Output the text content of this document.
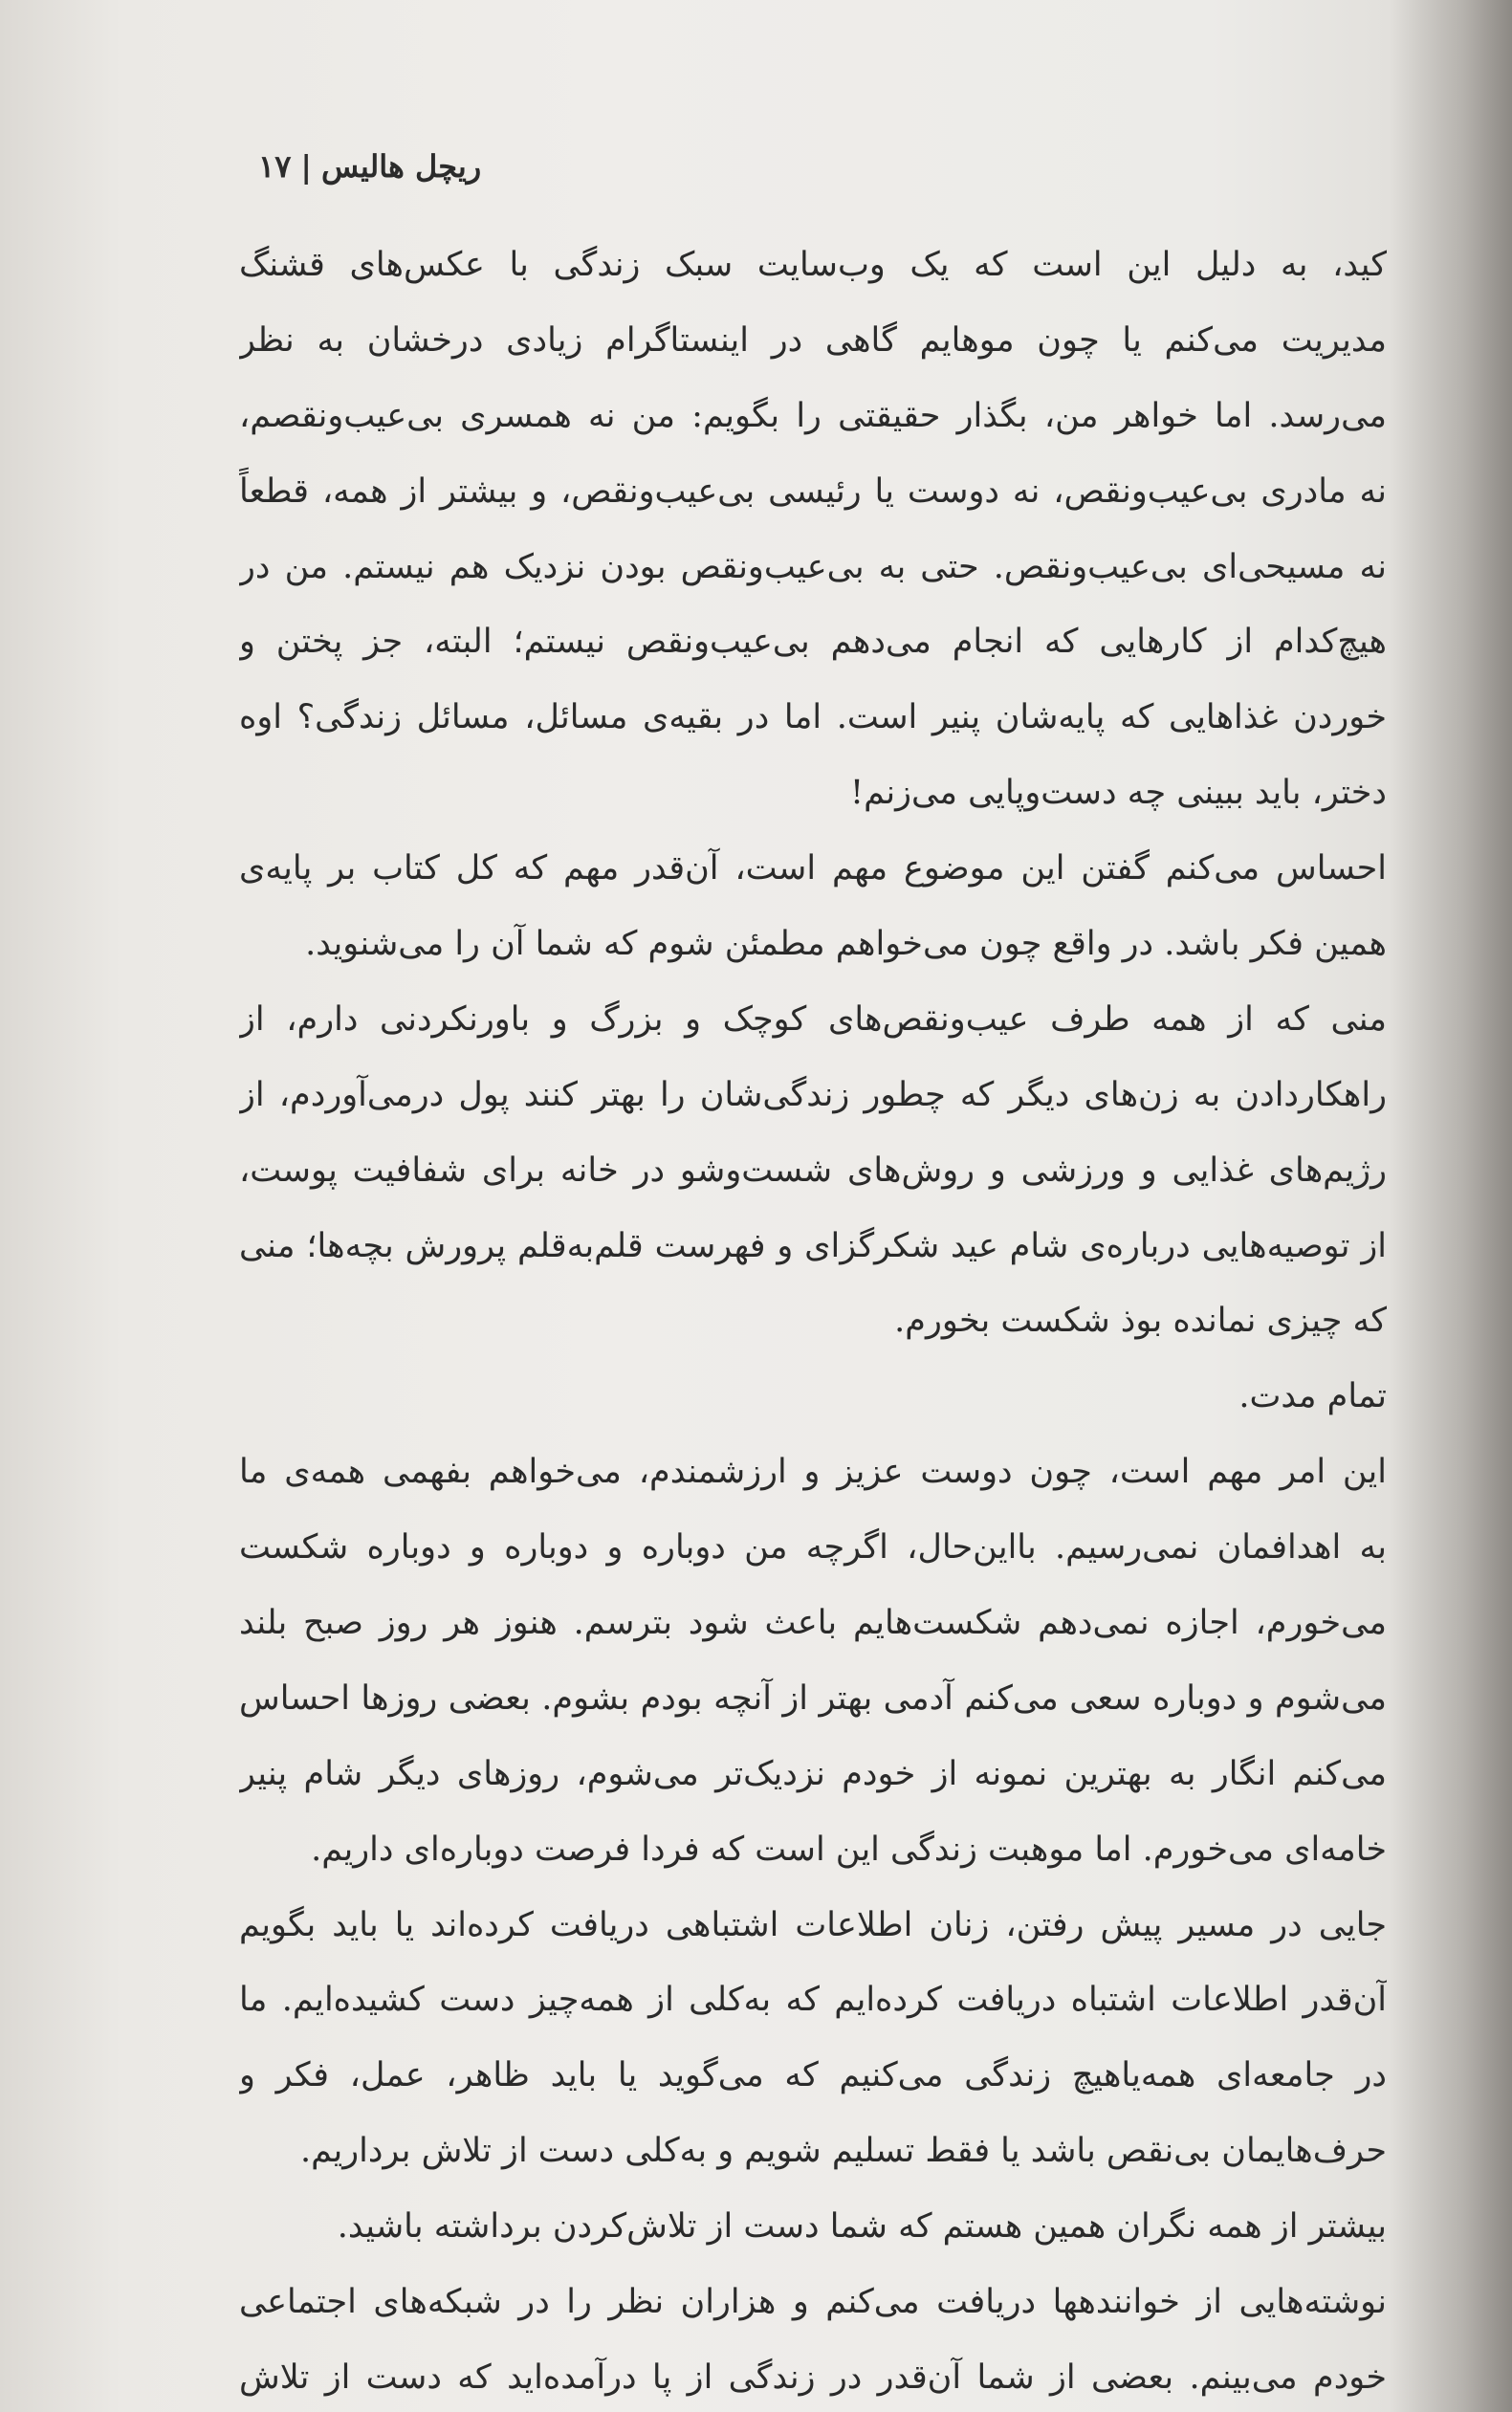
ریچل هالیس|۱۷
کید، به دلیل این است که یک وب‌سایت سبک زندگی با عکس‌های قشنگ
مدیریت می‌کنم یا چون موهایم گاهی در اینستاگرام زیادی درخشان به نظر
می‌رسد. اما خواهر من، بگذار حقیقتی را بگویم: من نه همسری بی‌عیب‌ونقصم،
نه مادری بی‌عیب‌ونقص، نه دوست یا رئیسی بی‌عیب‌ونقص، و بیشتر از همه، قطعاً
نه مسیحی‌ای بی‌عیب‌ونقص. حتی به بی‌عیب‌ونقص بودن نزدیک هم نیستم. من در
هیچ‌کدام از کارهایی که انجام می‌دهم بی‌عیب‌ونقص نیستم؛ البته، جز پختن و
خوردن غذاهایی که پایه‌شان پنیر است. اما در بقیه‌ی مسائل، مسائل زندگی؟ اوه
دختر، باید ببینی چه دست‌وپایی می‌زنم!
احساس می‌کنم گفتن این موضوع مهم است، آن‌قدر مهم که کل کتاب بر پایه‌ی
همین فکر باشد. در واقع چون می‌خواهم مطمئن شوم که شما آن را می‌شنوید.
منی که از همه طرف عیب‌ونقص‌های کوچک و بزرگ و باورنکردنی دارم، از
راهکاردادن به زن‌های دیگر که چطور زندگی‌شان را بهتر کنند پول درمی‌آوردم، از
رژیم‌های غذایی و ورزشی و روش‌های شست‌وشو در خانه برای شفافیت پوست،
از توصیه‌هایی درباره‌ی شام عید شکرگزای و فهرست قلم‌به‌قلم پرورش بچه‌ها؛ منی
که چیزی نمانده بوذ شکست بخورم.
تمام مدت.
این امر مهم است، چون دوست عزیز و ارزشمندم، می‌خواهم بفهمی همه‌ی ما
به اهدافمان نمی‌رسیم. بااین‌حال، اگرچه من دوباره و دوباره و دوباره شکست
می‌خورم، اجازه نمی‌دهم شکست‌هایم باعث شود بترسم. هنوز هر روز صبح بلند
می‌شوم و دوباره سعی می‌کنم آدمی بهتر از آنچه بودم بشوم. بعضی روزها احساس
می‌کنم انگار به بهترین نمونه از خودم نزدیک‌تر می‌شوم، روزهای دیگر شام پنیر
خامه‌ای می‌خورم. اما موهبت زندگی این است که فردا فرصت دوباره‌ای داریم.
جایی در مسیر پیش رفتن، زنان اطلاعات اشتباهی دریافت کرده‌اند یا باید بگویم
آن‌قدر اطلاعات اشتباه دریافت کرده‌ایم که به‌کلی از همه‌چیز دست کشیده‌ایم. ما
در جامعه‌ای همه‌یاهیچ زندگی می‌کنیم که می‌گوید یا باید ظاهر، عمل، فکر و
حرف‌هایمان بی‌نقص باشد یا فقط تسلیم شویم و به‌کلی دست از تلاش برداریم.
بیشتر از همه نگران همین هستم که شما دست از تلاش‌کردن برداشته باشید.
نوشته‌هایی از خوانندهها دریافت می‌کنم و هزاران نظر را در شبکه‌های اجتماعی
خودم می‌بینم. بعضی از شما آن‌قدر در زندگی از پا درآمده‌اید که دست از تلاش
